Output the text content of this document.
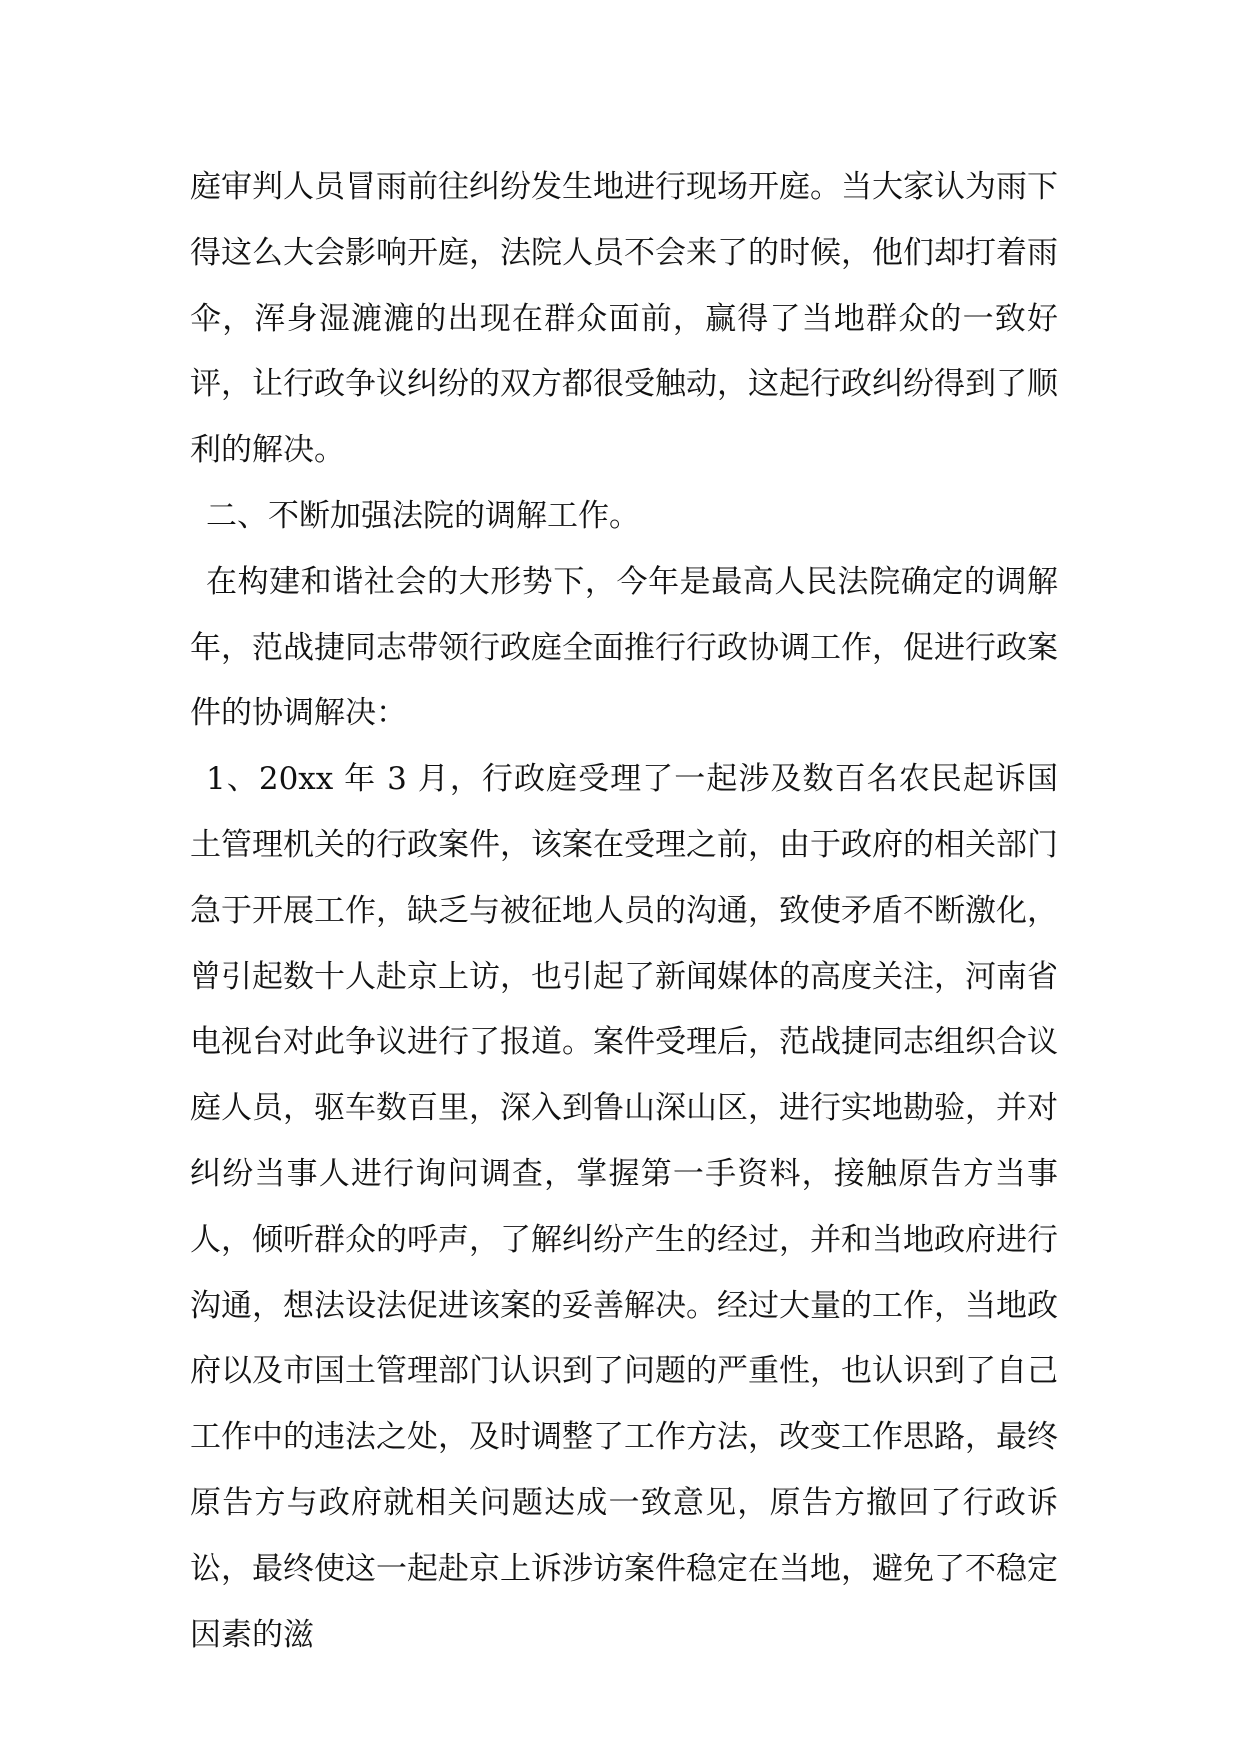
庭审判人员冒雨前往纠纷发生地进行现场开庭。当大家认为雨下得这么大会影响开庭，法院人员不会来了的时候，他们却打着雨伞，浑身湿漉漉的出现在群众面前，赢得了当地群众的一致好评，让行政争议纠纷的双方都很受触动，这起行政纠纷得到了顺利的解决。

二、不断加强法院的调解工作。

在构建和谐社会的大形势下，今年是最高人民法院确定的调解年，范战捷同志带领行政庭全面推行行政协调工作，促进行政案件的协调解决：

1、20xx 年 3 月，行政庭受理了一起涉及数百名农民起诉国土管理机关的行政案件，该案在受理之前，由于政府的相关部门急于开展工作，缺乏与被征地人员的沟通，致使矛盾不断激化，曾引起数十人赴京上访，也引起了新闻媒体的高度关注，河南省电视台对此争议进行了报道。案件受理后，范战捷同志组织合议庭人员，驱车数百里，深入到鲁山深山区，进行实地勘验，并对纠纷当事人进行询问调查，掌握第一手资料，接触原告方当事人，倾听群众的呼声，了解纠纷产生的经过，并和当地政府进行沟通，想法设法促进该案的妥善解决。经过大量的工作，当地政府以及市国土管理部门认识到了问题的严重性，也认识到了自己工作中的违法之处，及时调整了工作方法，改变工作思路，最终原告方与政府就相关问题达成一致意见，原告方撤回了行政诉讼，最终使这一起赴京上诉涉访案件稳定在当地，避免了不稳定因素的滋
